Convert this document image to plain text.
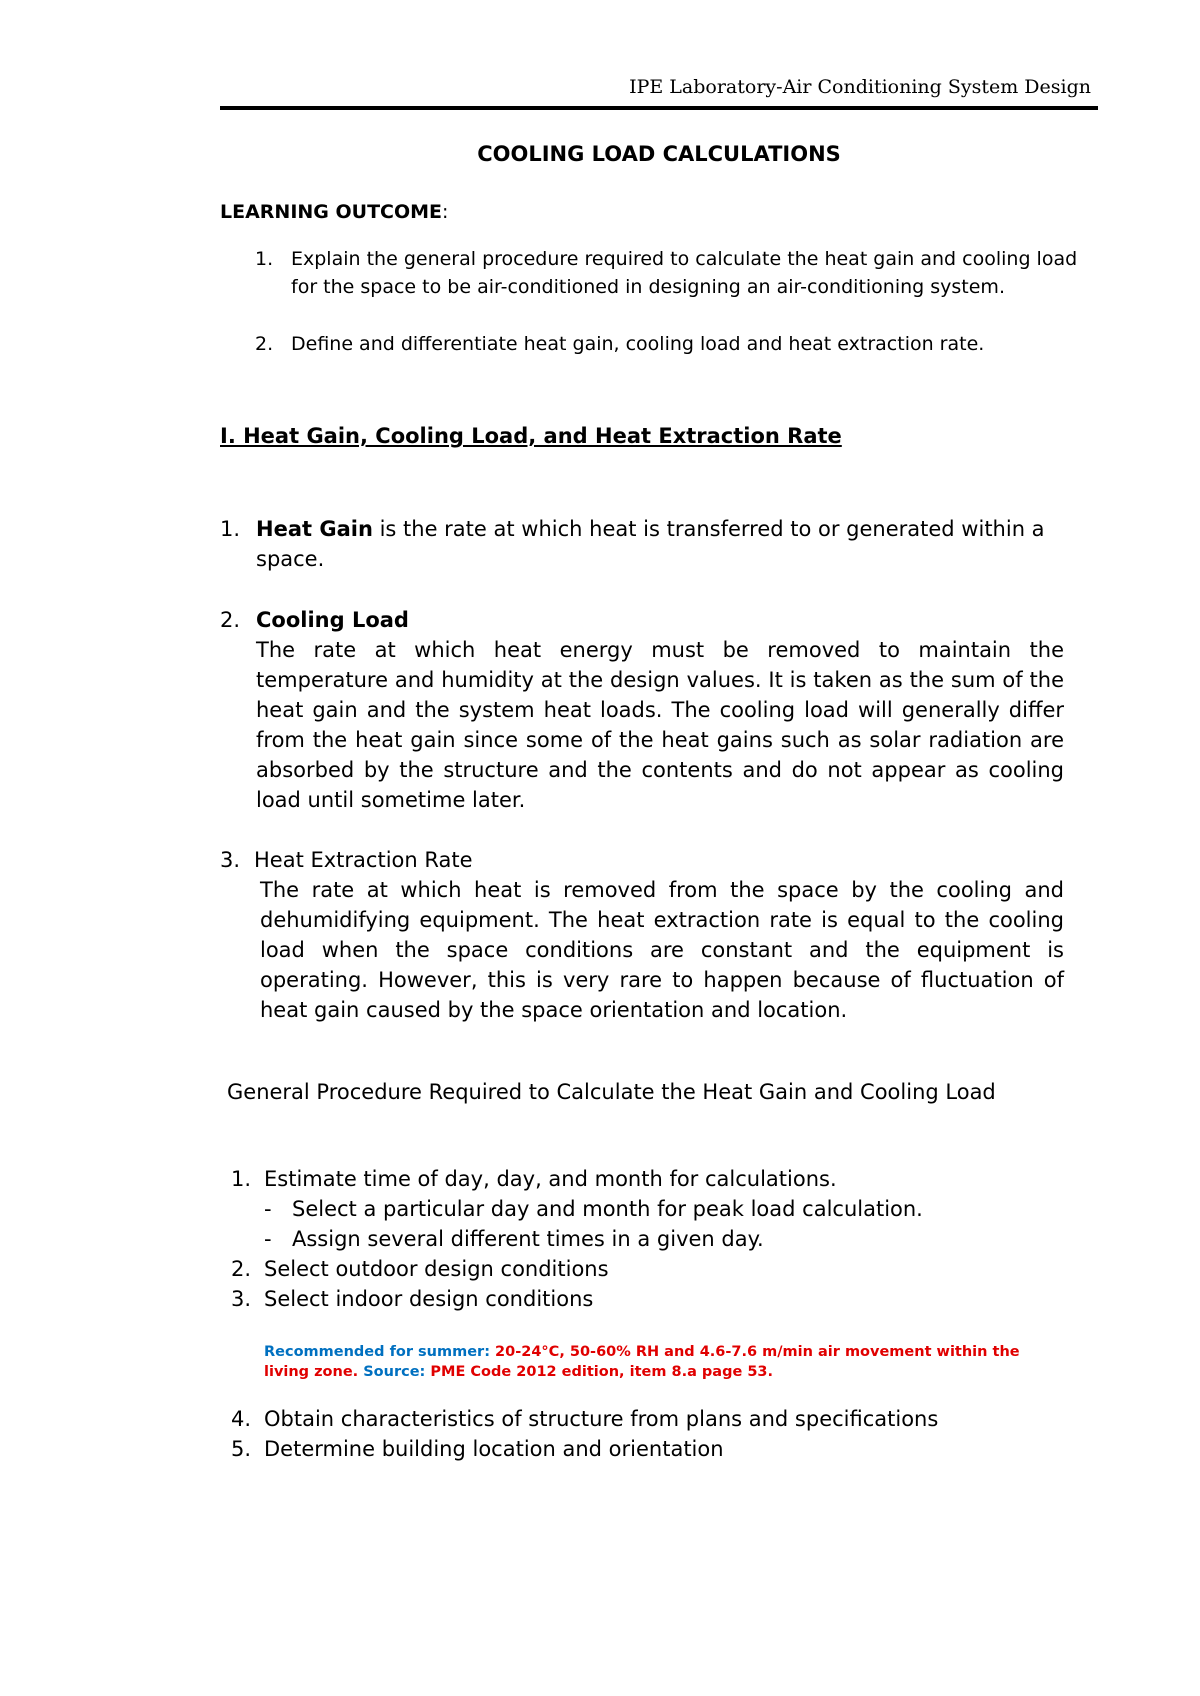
IPE Laboratory-Air Conditioning System Design
COOLING LOAD CALCULATIONS
LEARNING OUTCOME:
1. Explain the general procedure required to calculate the heat gain and cooling load for the space to be air-conditioned in designing an air-conditioning system.
2. Define and differentiate heat gain, cooling load and heat extraction rate.
I. Heat Gain, Cooling Load, and Heat Extraction Rate
1. Heat Gain is the rate at which heat is transferred to or generated within a space.
2. Cooling Load
The rate at which heat energy must be removed to maintain the temperature and humidity at the design values. It is taken as the sum of the heat gain and the system heat loads. The cooling load will generally differ from the heat gain since some of the heat gains such as solar radiation are absorbed by the structure and the contents and do not appear as cooling load until sometime later.
3. Heat Extraction Rate
The rate at which heat is removed from the space by the cooling and dehumidifying equipment. The heat extraction rate is equal to the cooling load when the space conditions are constant and the equipment is operating. However, this is very rare to happen because of fluctuation of heat gain caused by the space orientation and location.
General Procedure Required to Calculate the Heat Gain and Cooling Load
1. Estimate time of day, day, and month for calculations.
- Select a particular day and month for peak load calculation.
- Assign several different times in a given day.
2. Select outdoor design conditions
3. Select indoor design conditions
Recommended for summer: 20-24°C, 50-60% RH and 4.6-7.6 m/min air movement within the living zone. Source: PME Code 2012 edition, item 8.a page 53.
4. Obtain characteristics of structure from plans and specifications
5. Determine building location and orientation
